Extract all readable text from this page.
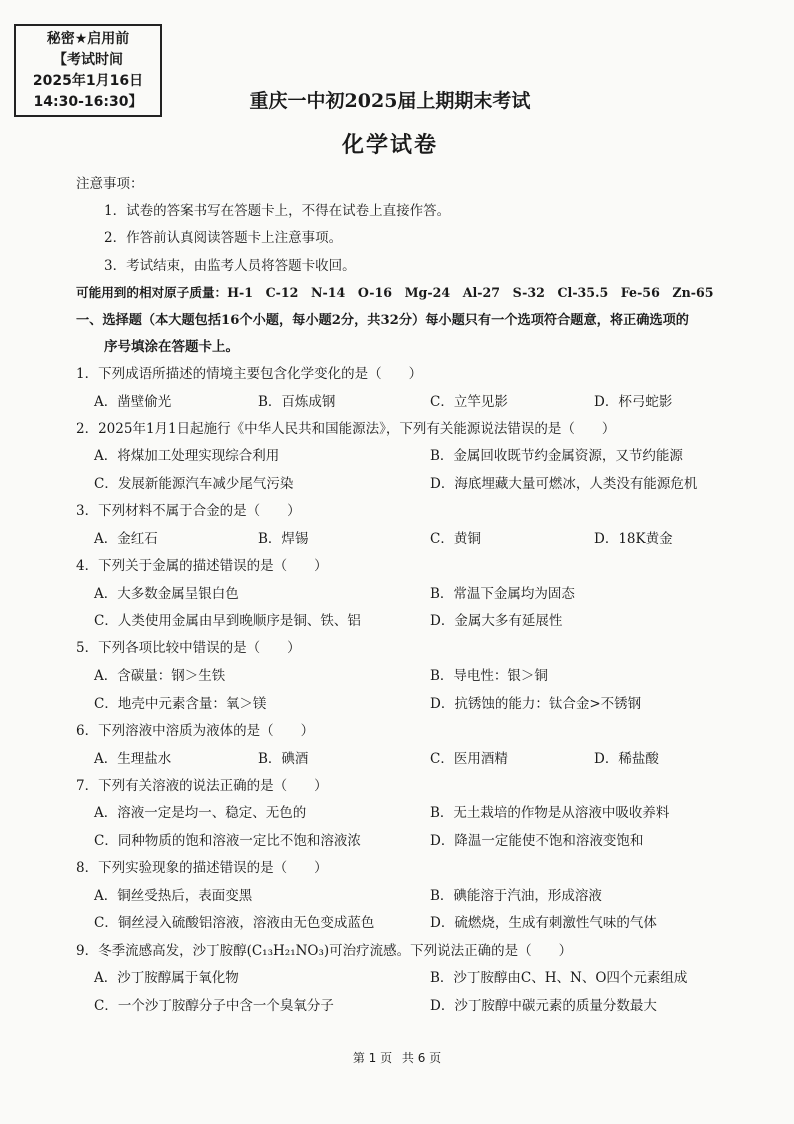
秘密★启用前
【考试时间
2025年1月16日
14:30-16:30】	重庆一中初2025届上期期末考试
化学试卷
注意事项：
1．试卷的答案书写在答题卡上，不得在试卷上直接作答。
2．作答前认真阅读答题卡上注意事项。
3．考试结束，由监考人员将答题卡收回。
可能用到的相对原子质量：H-1　C-12　N-14　O-16　Mg-24　Al-27　S-32　Cl-35.5　Fe-56　Zn-65
一、选择题（本大题包括16个小题，每小题2分，共32分）每小题只有一个选项符合题意，将正确选项的
序号填涂在答题卡上。
1．下列成语所描述的情境主要包含化学变化的是（　　）
A．凿壁偷光	B．百炼成钢	C．立竿见影	D．杯弓蛇影
2．2025年1月1日起施行《中华人民共和国能源法》，下列有关能源说法错误的是（　　）
A．将煤加工处理实现综合利用	B．金属回收既节约金属资源，又节约能源
C．发展新能源汽车减少尾气污染	D．海底埋藏大量可燃冰，人类没有能源危机
3．下列材料不属于合金的是（　　）
A．金红石	B．焊锡	C．黄铜	D．18K黄金
4．下列关于金属的描述错误的是（　　）
A．大多数金属呈银白色	B．常温下金属均为固态
C．人类使用金属由早到晚顺序是铜、铁、铝	D．金属大多有延展性
5．下列各项比较中错误的是（　　）
A．含碳量：钢＞生铁	B．导电性：银＞铜
C．地壳中元素含量：氧＞镁	D．抗锈蚀的能力：钛合金>不锈钢
6．下列溶液中溶质为液体的是（　　）
A．生理盐水	B．碘酒	C．医用酒精	D．稀盐酸
7．下列有关溶液的说法正确的是（　　）
A．溶液一定是均一、稳定、无色的	B．无土栽培的作物是从溶液中吸收养料
C．同种物质的饱和溶液一定比不饱和溶液浓	D．降温一定能使不饱和溶液变饱和
8．下列实验现象的描述错误的是（　　）
A．铜丝受热后，表面变黑	B．碘能溶于汽油，形成溶液
C．铜丝浸入硫酸铝溶液，溶液由无色变成蓝色	D．硫燃烧，生成有刺激性气味的气体
9．冬季流感高发，沙丁胺醇(C₁₃H₂₁NO₃)可治疗流感。下列说法正确的是（　　）
A．沙丁胺醇属于氧化物	B．沙丁胺醇由C、H、N、O四个元素组成
C．一个沙丁胺醇分子中含一个臭氧分子	D．沙丁胺醇中碳元素的质量分数最大
第 1 页 共 6 页
